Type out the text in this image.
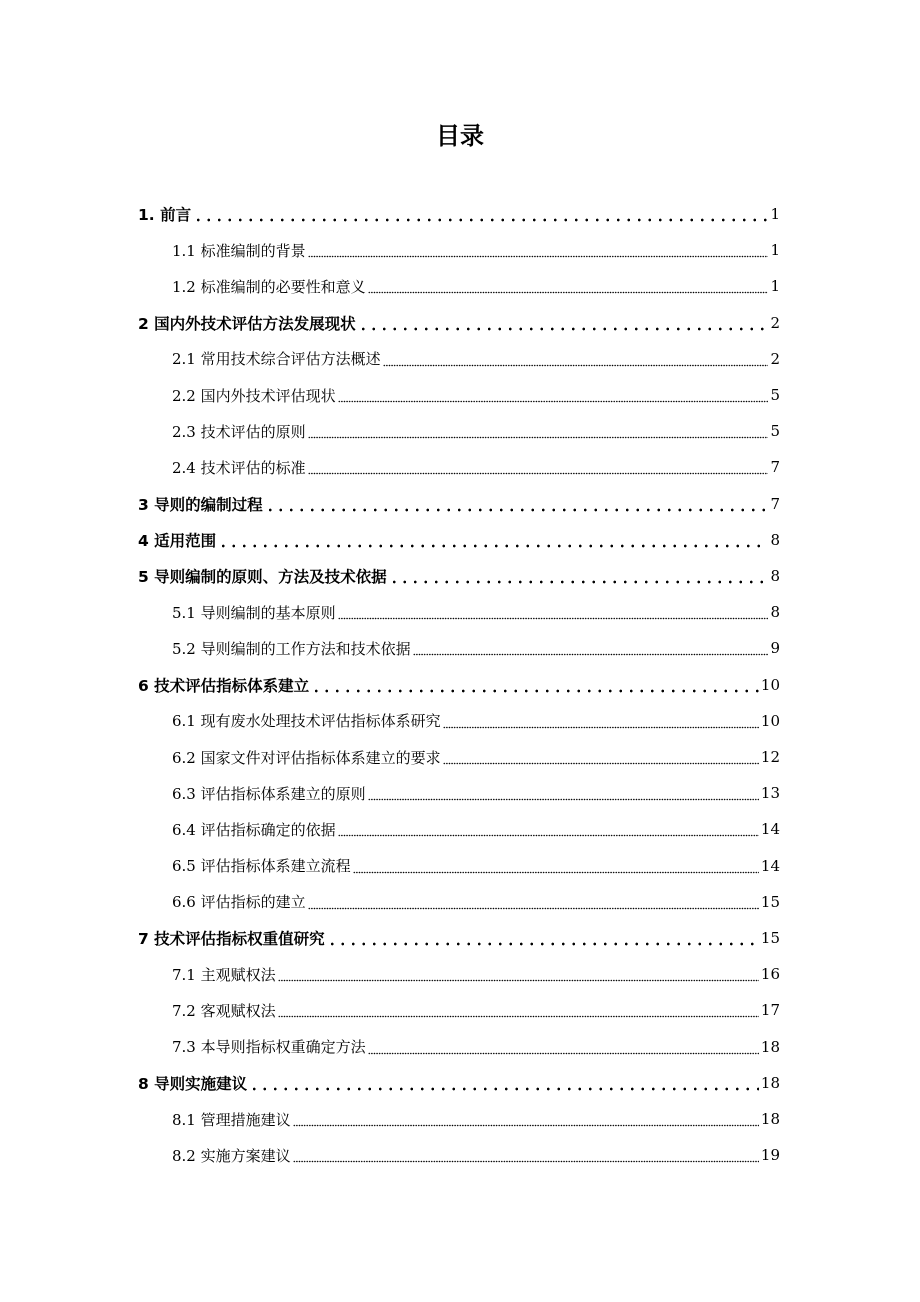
目录
1. 前言	1
1.1 标准编制的背景	1
1.2 标准编制的必要性和意义	1
2 国内外技术评估方法发展现状	2
2.1 常用技术综合评估方法概述	2
2.2 国内外技术评估现状	5
2.3 技术评估的原则	5
2.4 技术评估的标准	7
3 导则的编制过程	7
4 适用范围	8
5 导则编制的原则、方法及技术依据	8
5.1 导则编制的基本原则	8
5.2 导则编制的工作方法和技术依据	9
6 技术评估指标体系建立	10
6.1 现有废水处理技术评估指标体系研究	10
6.2 国家文件对评估指标体系建立的要求	12
6.3 评估指标体系建立的原则	13
6.4 评估指标确定的依据	14
6.5 评估指标体系建立流程	14
6.6 评估指标的建立	15
7 技术评估指标权重值研究	15
7.1 主观赋权法	16
7.2 客观赋权法	17
7.3 本导则指标权重确定方法	18
8 导则实施建议	18
8.1 管理措施建议	18
8.2 实施方案建议	19
